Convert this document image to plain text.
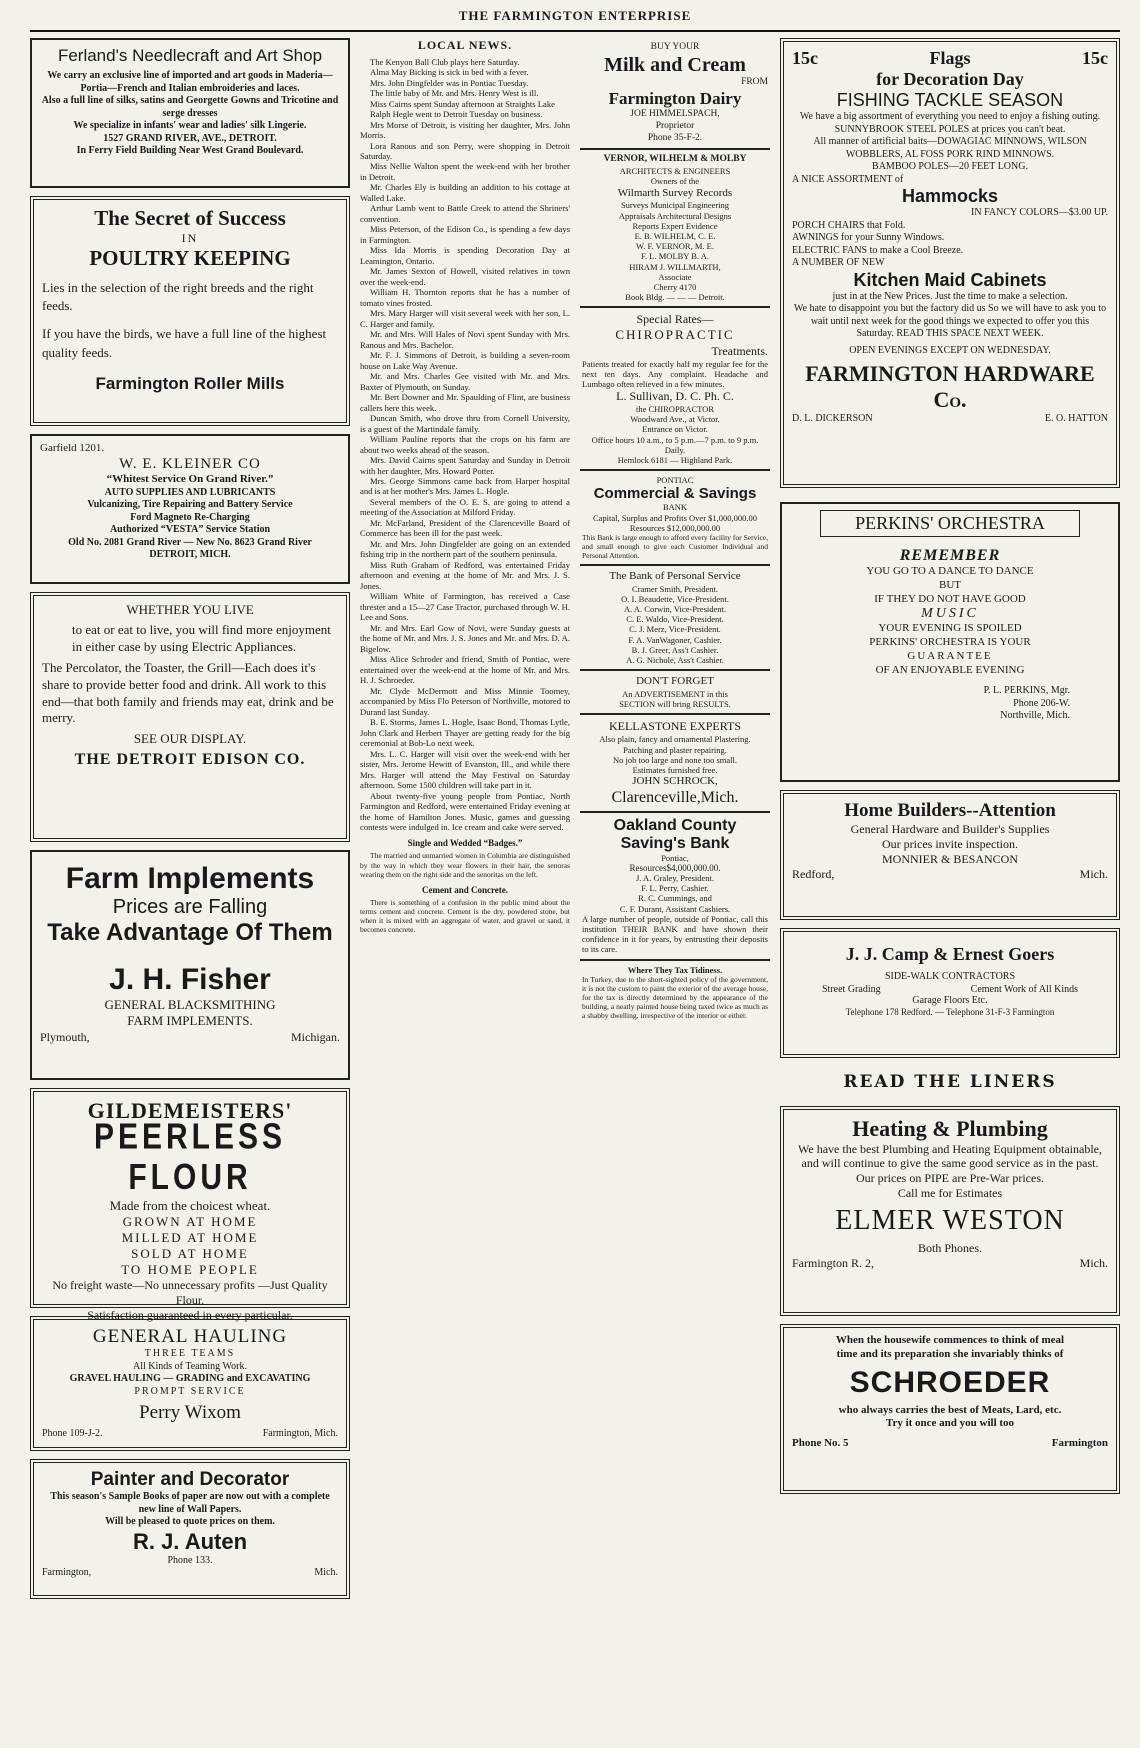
THE FARMINGTON ENTERPRISE
Ferland's Needlecraft and Art Shop
We carry an exclusive line of imported and art goods in Maderia—Portia—French and Italian embroideries and laces.
Also a full line of silks, satins and Georgette Gowns and Tricotine and serge dresses
We specialize in infants' wear and ladies' silk Lingerie.
1527 GRAND RIVER, AVE., DETROIT.
In Ferry Field Building Near West Grand Boulevard.
The Secret of Success
IN
POULTRY KEEPING
Lies in the selection of the right breeds and the right feeds.
If you have the birds, we have a full line of the highest quality feeds.
Farmington Roller Mills
Garfield 1201.
W. E. KLEINER CO
“Whitest Service On Grand River.”
AUTO SUPPLIES AND LUBRICANTS
Vulcanizing, Tire Repairing and Battery Service
Ford Magneto Re-Charging
Authorized “VESTA” Service Station
Old No. 2081 Grand River — New No. 8623 Grand River
DETROIT, MICH.
WHETHER YOU LIVE
to eat or eat to live, you will find more enjoyment in either case by using Electric Appliances.
The Percolator, the Toaster, the Grill—Each does it's share to provide better food and drink. All work to this end—that both family and friends may eat, drink and be merry.
SEE OUR DISPLAY.
THE DETROIT EDISON CO.
Farm Implements
Prices are Falling
Take Advantage Of Them
J. H. Fisher
GENERAL BLACKSMITHING
FARM IMPLEMENTS.
Plymouth,	Michigan.
GILDEMEISTERS'
PEERLESS FLOUR
Made from the choicest wheat.
GROWN AT HOME
MILLED AT HOME
SOLD AT HOME
TO HOME PEOPLE
No freight waste—No unnecessary profits —Just Quality Flour.
Satisfaction guaranteed in every particular.
GENERAL HAULING
THREE TEAMS
All Kinds of Teaming Work.
GRAVEL HAULING — GRADING and EXCAVATING
PROMPT SERVICE
Perry Wixom
Phone 109-J-2.	Farmington, Mich.
Painter and Decorator
This season's Sample Books of paper are now out with a complete new line of Wall Papers.
Will be pleased to quote prices on them.
R. J. Auten
Phone 133.
Farmington,	Mich.
LOCAL NEWS.

The Kenyon Ball Club plays here Saturday.

Alma May Bicking is sick in bed with a fever.

Mrs. John Dingfelder was in Pontiac Tuesday.

The little baby of Mr. and Mrs. Henry West is ill.

Miss Cairns spent Sunday afternoon at Straights Lake

Ralph Hegle went to Detroit Tuesday on business.

Mrs Morse of Detroit, is visiting her daughter, Mrs. John Morris.

Lora Ranous and son Perry, were shopping in Detroit Saturday.

Miss Nellie Walton spent the week-end with her brother in Detroit.

Mr. Charles Ely is building an addition to his cottage at Walled Lake.

Arthur Lamb went to Battle Creek to attend the Shriners' convention.

Miss Peterson, of the Edison Co., is spending a few days in Farmington.

Miss Ida Morris is spending Decoration Day at Leamington, Ontario.

Mr. James Sexton of Howell, visited relatives in town over the week-end.

William H. Thornton reports that he has a number of tomato vines frosted.

Mrs. Mary Harger will visit several week with her son, L. C. Harger and family.

Mr. and Mrs. Will Hales of Novi spent Sunday with Mrs. Ranous and Mrs. Bachelor.

Mr. F. J. Simmons of Detroit, is building a seven-room house on Lake Way Avenue.

Mr. and Mrs. Charles Gee visited with Mr. and Mrs. Baxter of Plymouth, on Sunday.

Mr. Bert Downer and Mr. Spaulding of Flint, are business callers here this week.

Duncan Smith, who drove thru from Cornell University, is a guest of the Martindale family.

William Pauline reports that the crops on his farm are about two weeks ahead of the season.

Mrs. David Cairns spent Saturday and Sunday in Detroit with her daughter, Mrs. Howard Potter.

Mrs. George Simmons came back from Harper hospital and is at her mother's Mrs. James L. Hogle.

Several members of the O. E. S. are going to attend a meeting of the Association at Milford Friday.

Mr. McFarland, President of the Clarenceville Board of Commerce has been ill for the past week.

Mr. and Mrs. John Dingfelder are going on an extended fishing trip in the northern part of the southern peninsula.

Miss Ruth Graham of Redford, was entertained Friday afternoon and evening at the home of Mr. and Mrs. J. S. Jones.

William White of Farmington, has received a Case threster and a 15—27 Case Tractor, purchased through W. H. Lee and Sons.

Mr. and Mrs. Earl Gow of Novi, were Sunday guests at the home of Mr. and Mrs. J. S. Jones and Mr. and Mrs. D. A. Bigelow.

Miss Alice Schroder and friend, Smith of Pontiac, were entertained over the week-end at the home of Mr. and Mrs. H. J. Schroeder.

Mr. Clyde McDermott and Miss Minnie Toomey, accompanied by Miss Flo Peterson of Northville, motored to Durand last Sunday.

B. E. Storms, James L. Hogle, Isaac Bond, Thomas Lytle, John Clark and Herbert Thayer are getting ready for the big ceremonial at Bob-Lo next week.

Mrs. L. C. Harger will visit over the week-end with her sister, Mrs. Jerome Hewitt of Evanston, Ill., and while there Mrs. Harger will attend the May Festival on Saturday afternoon. Some 1500 children will take part in it.

About twenty-five young people from Pontiac, North Farmington and Redford, were entertained Friday evening at the home of Hamilton Jones. Music, games and guessing contests were indulged in. Ice cream and cake were served.

Single and Wedded “Badges.”

The married and unmarried women in Columbia are distinguished by the way in which they wear flowers in their hair, the senoras wearing them on the right side and the senoritas on the left.

Cement and Concrete.

There is something of a confusion in the public mind about the terms cement and concrete. Cement is the dry, powdered stone, but when it is mixed with an aggregate of water, and gravel or sand, it becomes concrete.

BUY YOUR
Milk and Cream
FROM
Farmington Dairy
JOE HIMMELSPACH,
Proprietor
Phone 35-F-2.
VERNOR, WILHELM & MOLBY
ARCHITECTS & ENGINEERS
Owners of the
Wilmarth Survey Records
Surveys Municipal Engineering
Appraisals Architectural Designs
Reports Expert Evidence
E. B. WILHELM, C. E.
W. F. VERNOR, M. E.
F. L. MOLBY B. A.
HIRAM J. WILLMARTH,
Associate
Cherry 4170
Book Bldg. — — — Detroit.
Special Rates—
CHIROPRACTIC
Treatments.
Patients treated for exactly half my regular fee for the next ten days. Any complaint. Headache and Lumbago often relieved in a few minutes.
L. Sullivan, D. C. Ph. C.
the CHIROPRACTOR
Woodward Ave., at Victor.
Entrance on Victor.
Office hours 10 a.m., to 5 p.m.—7 p.m. to 9 p.m. Daily.
Hemlock 6181 — Highland Park.
PONTIAC
Commercial & Savings
BANK
Capital, Surplus and Profits Over $1,000,000.00
Resources $12,000,000.00
This Bank is large enough to afford every facility for Service, and small enough to give each Customer Individual and Personal Attention.
The Bank of Personal Service
Cramer Smith, President.
O. I. Beaudette, Vice-President.
A. A. Corwin, Vice-President.
C. E. Waldo, Vice-President.
C. J. Merz, Vice-President.
F. A. VanWagoner, Cashier.
B. J. Greer, Ass't Cashier.
A. G. Nichole, Ass't Cashier.
DON'T FORGET
An ADVERTISEMENT in this
SECTION will bring RESULTS.
KELLASTONE EXPERTS
Also plain, fancy and ornamental Plastering.
Patching and plaster repairing.
No job too large and none too small.
Estimates furnished free.
JOHN SCHROCK,
Clarenceville,Mich.
Oakland County
Saving's Bank
Pontiac,
Resources$4,000,000.00.
J. A. Graley, President.
F. L. Perry, Cashier.
R. C. Cummings, and
C. F. Durant, Assistant Cashiers.
A large number of people, outside of Pontiac, call this institution THEIR BANK and have shown their confidence in it for years, by entrusting their deposits to its care.
Where They Tax Tidiness.
In Turkey, due to the short-sighted policy of the government, it is not the custom to paint the exterior of the average house, for the tax is directly determined by the appearance of the building, a neatly painted house being taxed twice as much as a shabby dwelling, irrespective of the interior or either.
15c	Flags	15c
for Decoration Day
FISHING TACKLE SEASON
We have a big assortment of everything you need to enjoy a fishing outing.
SUNNYBROOK STEEL POLES at prices you can't beat.
All manner of artificial baits—DOWAGIAC MINNOWS, WILSON WOBBLERS, AL FOSS PORK RIND MINNOWS.
BAMBOO POLES—20 FEET LONG.
A NICE ASSORTMENT of
Hammocks
IN FANCY COLORS—$3.00 UP.
PORCH CHAIRS that Fold.
AWNINGS for your Sunny Windows.
ELECTRIC FANS to make a Cool Breeze.
A NUMBER OF NEW
Kitchen Maid Cabinets
just in at the New Prices. Just the time to make a selection.
We hate to disappoint you but the factory did us So we will have to ask you to wait until next week for the good things we expected to offer you this Saturday. READ THIS SPACE NEXT WEEK.
OPEN EVENINGS EXCEPT ON WEDNESDAY.
FARMINGTON HARDWARE Co.
D. L. DICKERSON	E. O. HATTON
PERKINS' ORCHESTRA
REMEMBER
YOU GO TO A DANCE TO DANCE
BUT
IF THEY DO NOT HAVE GOOD
MUSIC
YOUR EVENING IS SPOILED
PERKINS' ORCHESTRA IS YOUR
GUARANTEE
OF AN ENJOYABLE EVENING
P. L. PERKINS, Mgr.
Phone 206-W.
Northville, Mich.
Home Builders--Attention
General Hardware and Builder's Supplies
Our prices invite inspection.
MONNIER & BESANCON
Redford,	Mich.
J. J. Camp & Ernest Goers
SIDE-WALK CONTRACTORS
Street Grading	Cement Work of All Kinds
Garage Floors Etc.
Telephone 178 Redford. — Telephone 31-F-3 Farmington
READ THE LINERS
Heating & Plumbing
We have the best Plumbing and Heating Equipment obtainable, and will continue to give the same good service as in the past.
Our prices on PIPE are Pre-War prices.
Call me for Estimates
ELMER WESTON
Both Phones.
Farmington R. 2,	Mich.
When the housewife commences to think of meal time and its preparation she invariably thinks of
SCHROEDER
who always carries the best of Meats, Lard, etc. Try it once and you will too
Phone No. 5	Farmington
